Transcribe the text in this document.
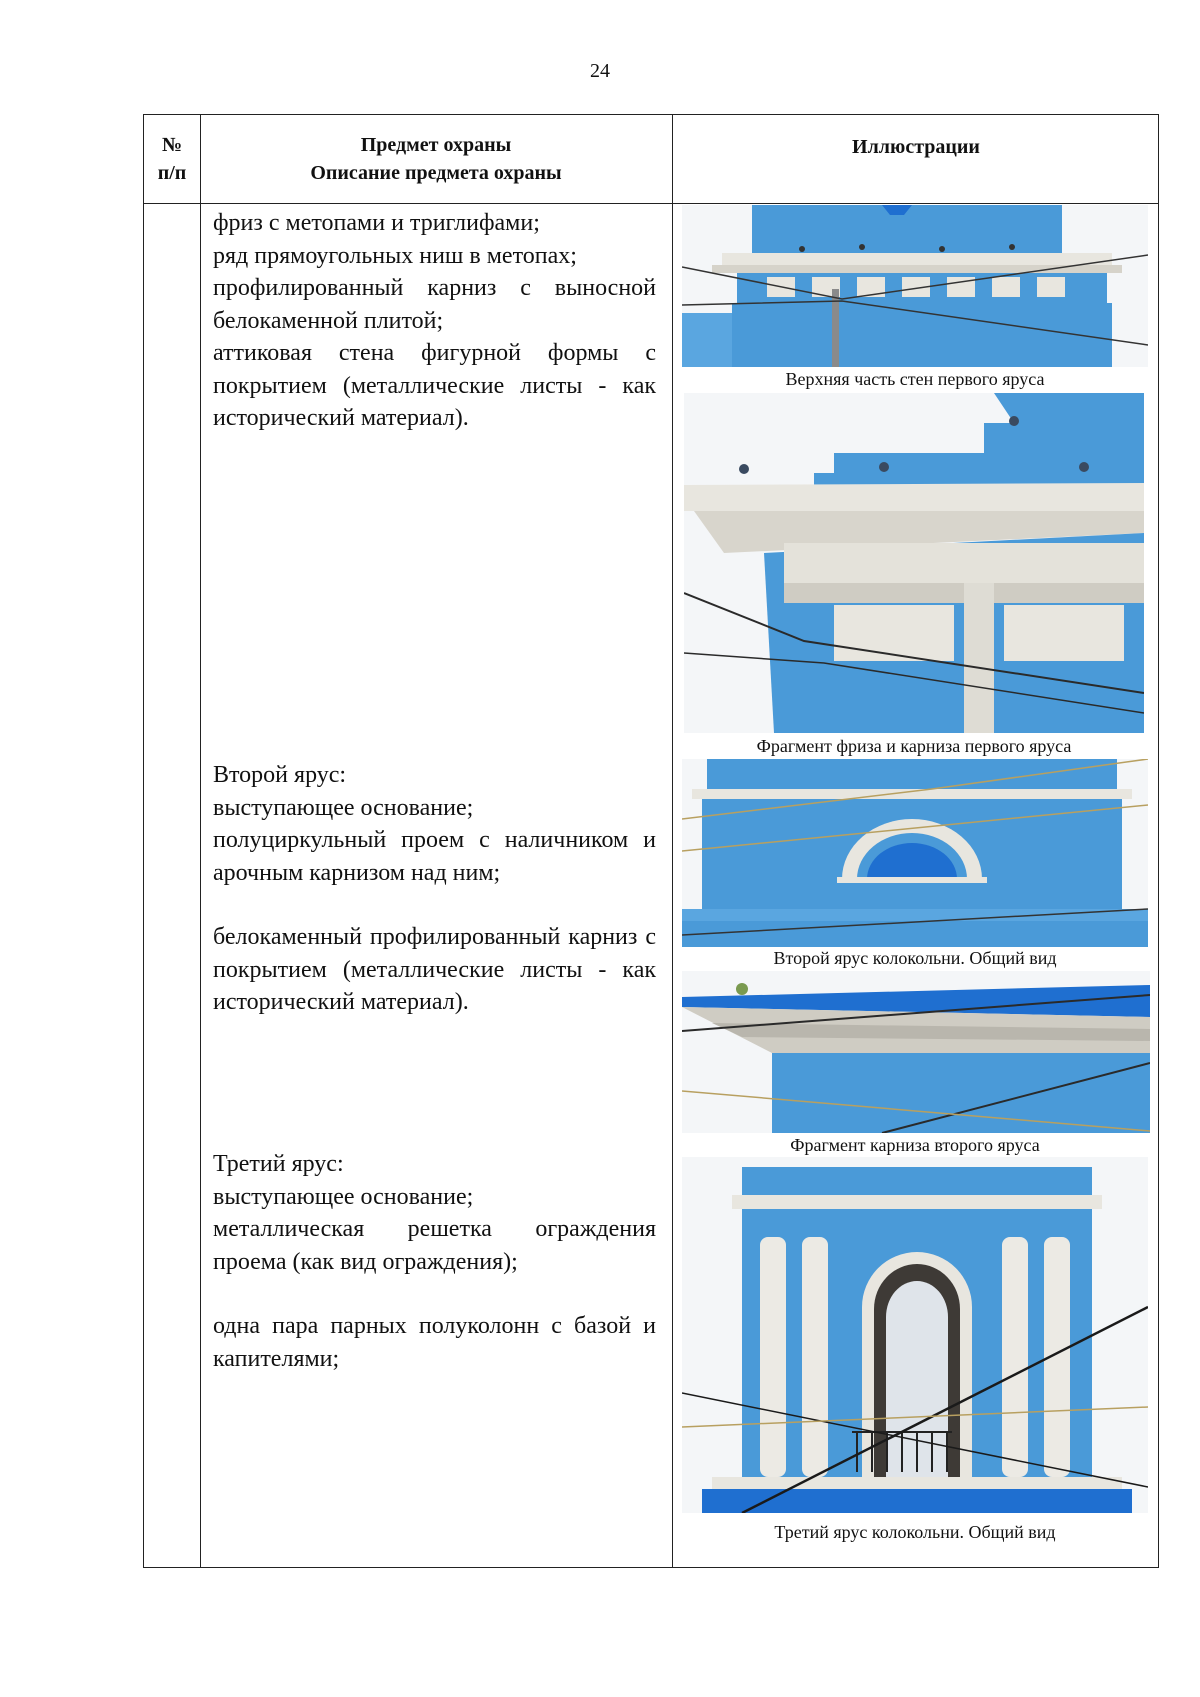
24
№
п/п
Предмет охраны
Описание предмета охраны
Иллюстрации

фриз с метопами и триглифами;

ряд прямоугольных ниш в метопах;

профилированный карниз с выносной белокаменной плитой;

аттиковая стена фигурной формы с покрытием (металлические листы - как исторический материал).

Второй ярус:

выступающее основание;

полуциркульный проем с наличником и арочным карнизом над ним;

белокаменный профилированный карниз с покрытием (металлические листы - как исторический материал).

Третий ярус:

выступающее основание;

металлическая решетка ограждения проема (как вид ограждения);

одна пара парных полуколонн с базой и капителями;

Верхняя часть стен первого яруса
Фрагмент фриза и карниза первого яруса
Второй ярус колокольни. Общий вид
Фрагмент карниза второго яруса
Третий ярус колокольни. Общий вид
